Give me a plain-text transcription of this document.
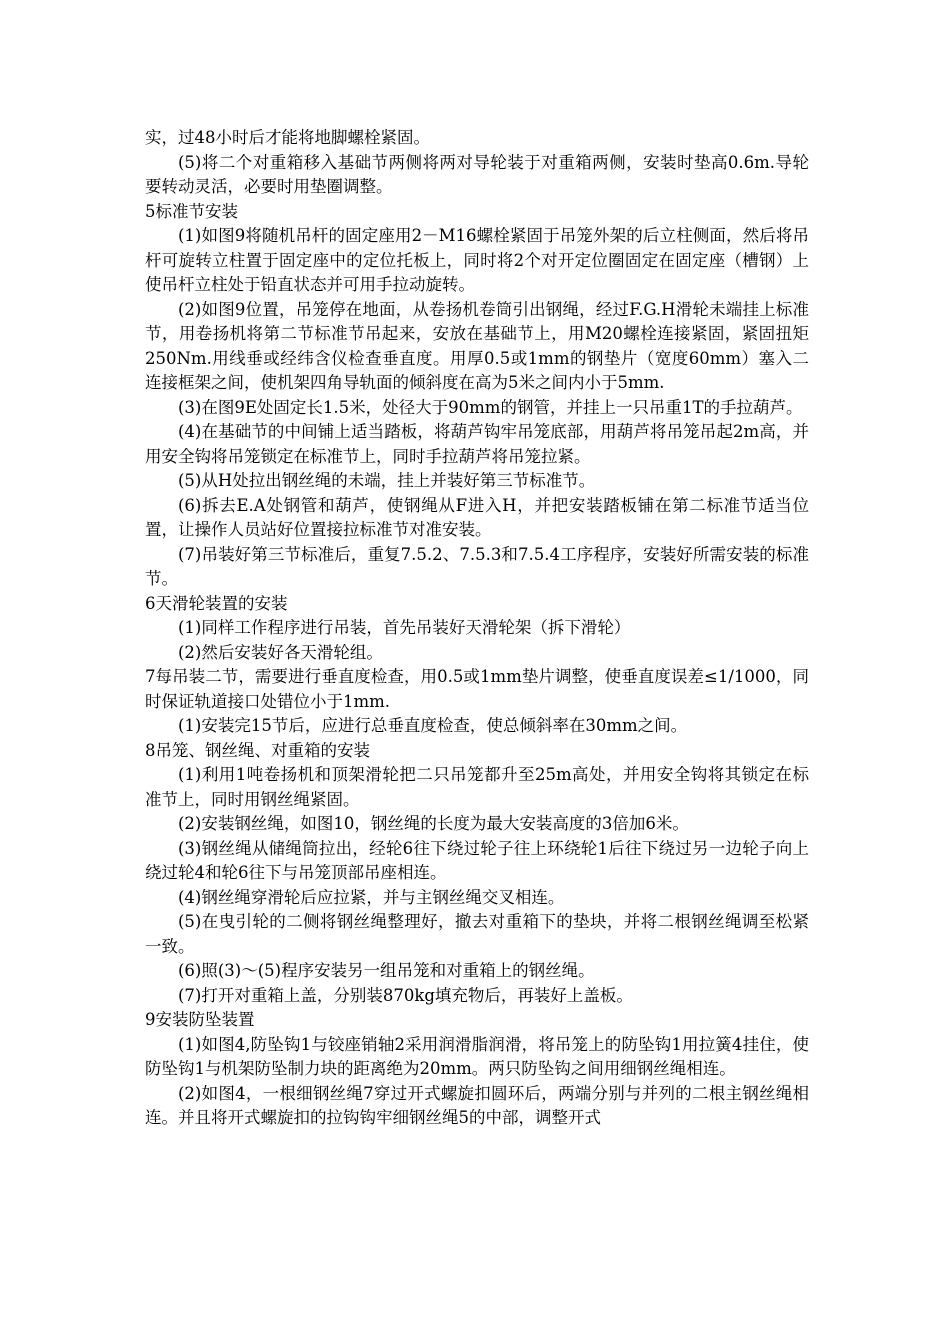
实，过48小时后才能将地脚螺栓紧固。

(5)将二个对重箱移入基础节两侧将两对导轮装于对重箱两侧，安装时垫高0.6m.导轮要转动灵活，必要时用垫圈调整。

5标准节安装

(1)如图9将随机吊杆的固定座用2－M16螺栓紧固于吊笼外架的后立柱侧面，然后将吊杆可旋转立柱置于固定座中的定位托板上，同时将2个对开定位圈固定在固定座（槽钢）上使吊杆立柱处于铅直状态并可用手拉动旋转。

(2)如图9位置，吊笼停在地面，从卷扬机卷筒引出钢绳，经过F.G.H滑轮未端挂上标准节，用卷扬机将第二节标准节吊起来，安放在基础节上，用M20螺栓连接紧固，紧固扭矩250Nm.用线垂或经纬含仪检查垂直度。用厚0.5或1mm的钢垫片（宽度60mm）塞入二连接框架之间，使机架四角导轨面的倾斜度在高为5米之间内小于5mm.

(3)在图9E处固定长1.5米，处径大于90mm的钢管，并挂上一只吊重1T的手拉葫芦。

(4)在基础节的中间铺上适当踏板，将葫芦钩牢吊笼底部，用葫芦将吊笼吊起2m高，并用安全钩将吊笼锁定在标准节上，同时手拉葫芦将吊笼拉紧。

(5)从H处拉出钢丝绳的未端，挂上并装好第三节标准节。

(6)拆去E.A处钢管和葫芦，使钢绳从F进入H，并把安装踏板铺在第二标准节适当位置，让操作人员站好位置接拉标准节对准安装。

(7)吊装好第三节标准后，重复7.5.2、7.5.3和7.5.4工序程序，安装好所需安装的标准节。

6天滑轮装置的安装

(1)同样工作程序进行吊装，首先吊装好天滑轮架（拆下滑轮）

(2)然后安装好各天滑轮组。

7每吊装二节，需要进行垂直度检查，用0.5或1mm垫片调整，使垂直度误差≤1/1000，同时保证轨道接口处错位小于1mm.

(1)安装完15节后，应进行总垂直度检查，使总倾斜率在30mm之间。

8吊笼、钢丝绳、对重箱的安装

(1)利用1吨卷扬机和顶架滑轮把二只吊笼都升至25m高处，并用安全钩将其锁定在标准节上，同时用钢丝绳紧固。

(2)安装钢丝绳，如图10，钢丝绳的长度为最大安装高度的3倍加6米。

(3)钢丝绳从储绳筒拉出，经轮6往下绕过轮子往上环绕轮1后往下绕过另一边轮子向上绕过轮4和轮6往下与吊笼顶部吊座相连。

(4)钢丝绳穿滑轮后应拉紧，并与主钢丝绳交叉相连。

(5)在曳引轮的二侧将钢丝绳整理好，撤去对重箱下的垫块，并将二根钢丝绳调至松紧一致。

(6)照(3)～(5)程序安装另一组吊笼和对重箱上的钢丝绳。

(7)打开对重箱上盖，分别装870kg填充物后，再装好上盖板。

9安装防坠装置

(1)如图4,防坠钩1与铰座销轴2采用润滑脂润滑，将吊笼上的防坠钩1用拉簧4挂住，使防坠钩1与机架防坠制力块的距离绝为20mm。两只防坠钩之间用细钢丝绳相连。

(2)如图4，一根细钢丝绳7穿过开式螺旋扣圆环后，两端分别与并列的二根主钢丝绳相连。并且将开式螺旋扣的拉钩钩牢细钢丝绳5的中部，调整开式
